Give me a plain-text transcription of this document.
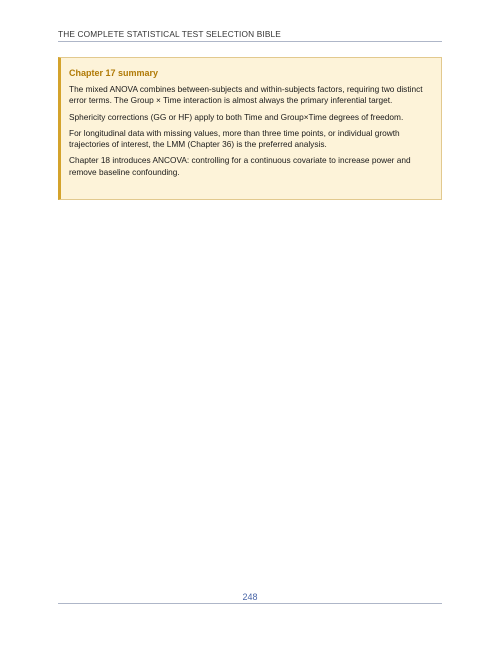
THE COMPLETE STATISTICAL TEST SELECTION BIBLE
Chapter 17 summary

The mixed ANOVA combines between-subjects and within-subjects factors, requiring two distinct error terms. The Group × Time interaction is almost always the primary inferential target.

Sphericity corrections (GG or HF) apply to both Time and Group×Time degrees of freedom.

For longitudinal data with missing values, more than three time points, or individual growth trajectories of interest, the LMM (Chapter 36) is the preferred analysis.

Chapter 18 introduces ANCOVA: controlling for a continuous covariate to increase power and remove baseline confounding.

248
